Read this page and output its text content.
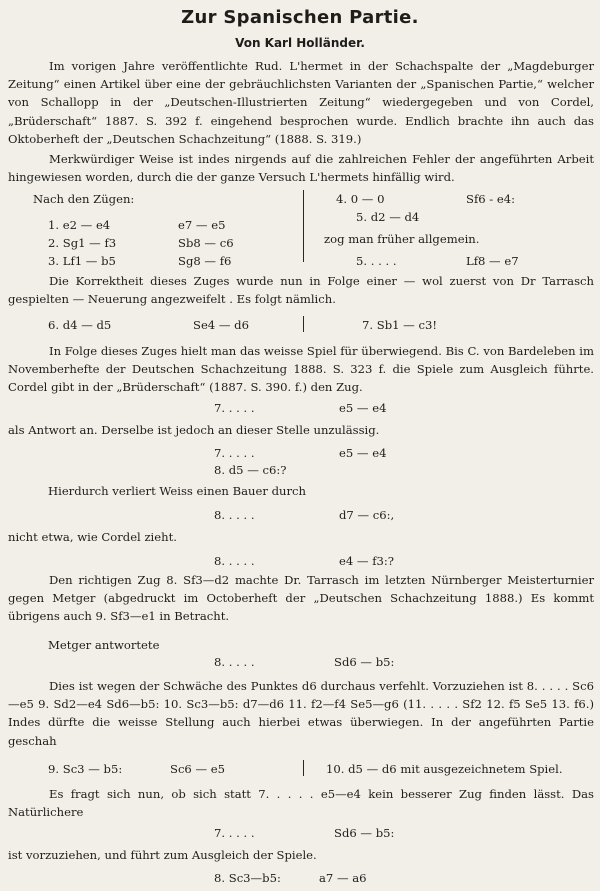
Zur Spanischen Partie.
Von Karl Holländer.

Im vorigen Jahre veröffentlichte Rud. L'hermet in der Schachspalte der „Magdeburger Zeitung“ einen Artikel über eine der gebräuchlichsten Varianten der „Spanischen Partie,“ welcher von Schallopp in der „Deutschen-Illustrierten Zeitung“ wiedergegeben und von Cordel, „Brüderschaft“ 1887. S. 392 f. eingehend besprochen wurde. Endlich brachte ihn auch das Oktoberheft der „Deutschen Schachzeitung“ (1888. S. 319.)

Merkwürdiger Weise ist indes nirgends auf die zahlreichen Fehler der angeführten Arbeit hingewiesen worden, durch die der ganze Versuch L'hermets hinfällig wird.

Nach den Zügen:
1. e2 — e4	e7 — e5
2. Sg1 — f3	Sb8 — c6
3. Lf1 — b5	Sg8 — f6
4. 0 — 0	Sf6 - e4:
5. d2 — d4
zog man früher allgemein.
5. . . . .	Lf8 — e7

Die Korrektheit dieses Zuges wurde nun in Folge einer — wol zuerst von Dr Tarrasch gespielten — Neuerung angezweifelt . Es folgt nämlich.

6. d4 — d5	Se4 — d6	7. Sb1 — c3!

In Folge dieses Zuges hielt man das weisse Spiel für überwiegend. Bis C. von Bardeleben im Novemberhefte der Deutschen Schachzeitung 1888. S. 323 f. die Spiele zum Ausgleich führte. Cordel gibt in der „Brüderschaft“ (1887. S. 390. f.) den Zug.

7. . . . .	e5 — e4
als Antwort an. Derselbe ist jedoch an dieser Stelle unzulässig.
7. . . . .	e5 — e4
8. d5 — c6:?
Hierdurch verliert Weiss einen Bauer durch
8. . . . .	d7 — c6:,
nicht etwa, wie Cordel zieht.
8. . . . .	e4 — f3:?

Den richtigen Zug 8. Sf3—d2 machte Dr. Tarrasch im letzten Nürnberger Meisterturnier gegen Metger (abgedruckt im Octoberheft der „Deutschen Schachzeitung 1888.) Es kommt übrigens auch 9. Sf3—e1 in Betracht.

Metger antwortete
8. . . . .	Sd6 — b5:

Dies ist wegen der Schwäche des Punktes d6 durchaus verfehlt. Vorzuziehen ist 8. . . . . Sc6—e5 9. Sd2—e4 Sd6—b5: 10. Sc3—b5: d7—d6 11. f2—f4 Se5—g6 (11. . . . . Sf2 12. f5 Se5 13. f6.) Indes dürfte die weisse Stellung auch hierbei etwas überwiegen. In der angeführten Partie geschah

9. Sc3 — b5:	Sc6 — e5	10. d5 — d6 mit ausgezeichnetem Spiel.

Es fragt sich nun, ob sich statt 7. . . . . e5—e4 kein besserer Zug finden lässt. Das Natürlichere

7. . . . .	Sd6 — b5:
ist vorzuziehen, und führt zum Ausgleich der Spiele.
8. Sc3—b5:	a7 — a6
